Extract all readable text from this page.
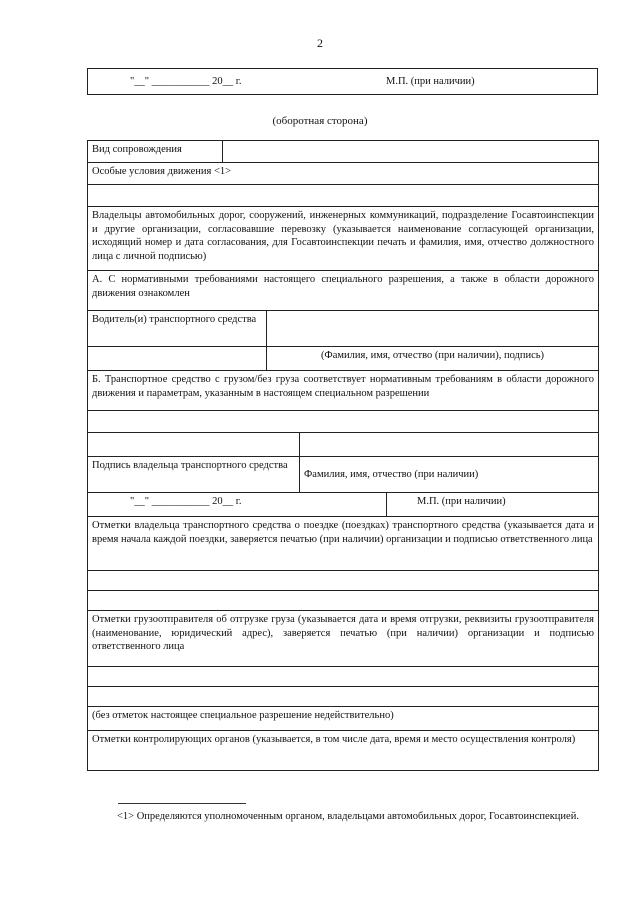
2
"__" ___________ 20__ г.	М.П. (при наличии)
(оборотная сторона)
Вид сопровождения				
Особые условия движения <1>				

Владельцы автомобильных дорог, сооружений, инженерных коммуникаций, подразделение Госавтоинспекции и другие организации, согласовавшие перевозку (указывается наименование согласующей организации, исходящий номер и дата согласования, для Госавтоинспекции печать и фамилия, имя, отчество должностного лица с личной подписью)				
А. С нормативными требованиями настоящего специального разрешения, а также в области дорожного движения ознакомлен				
Водитель(и) транспортного средства				
		(Фамилия, имя, отчество (при наличии), подпись)		
Б. Транспортное средство с грузом/без груза соответствует нормативным требованиям в области дорожного движения и параметрам, указанным в настоящем специальном разрешении				

Подпись владельца транспортного средства			Фамилия, имя, отчество (при наличии)	
"__" ___________ 20__ г.				М.П. (при наличии)
Отметки владельца транспортного средства о поездке (поездках) транспортного средства (указывается дата и время начала каждой поездки, заверяется печатью (при наличии) организации и подписью ответственного лица				

Отметки грузоотправителя об отгрузке груза (указывается дата и время отгрузки, реквизиты грузоотправителя (наименование, юридический адрес), заверяется печатью (при наличии) организации и подписью ответственного лица				

(без отметок настоящее специальное разрешение недействительно)				
Отметки контролирующих органов (указывается, в том числе дата, время и место осуществления контроля)				
<1> Определяются уполномоченным органом, владельцами автомобильных дорог, Госавтоинспекцией.
